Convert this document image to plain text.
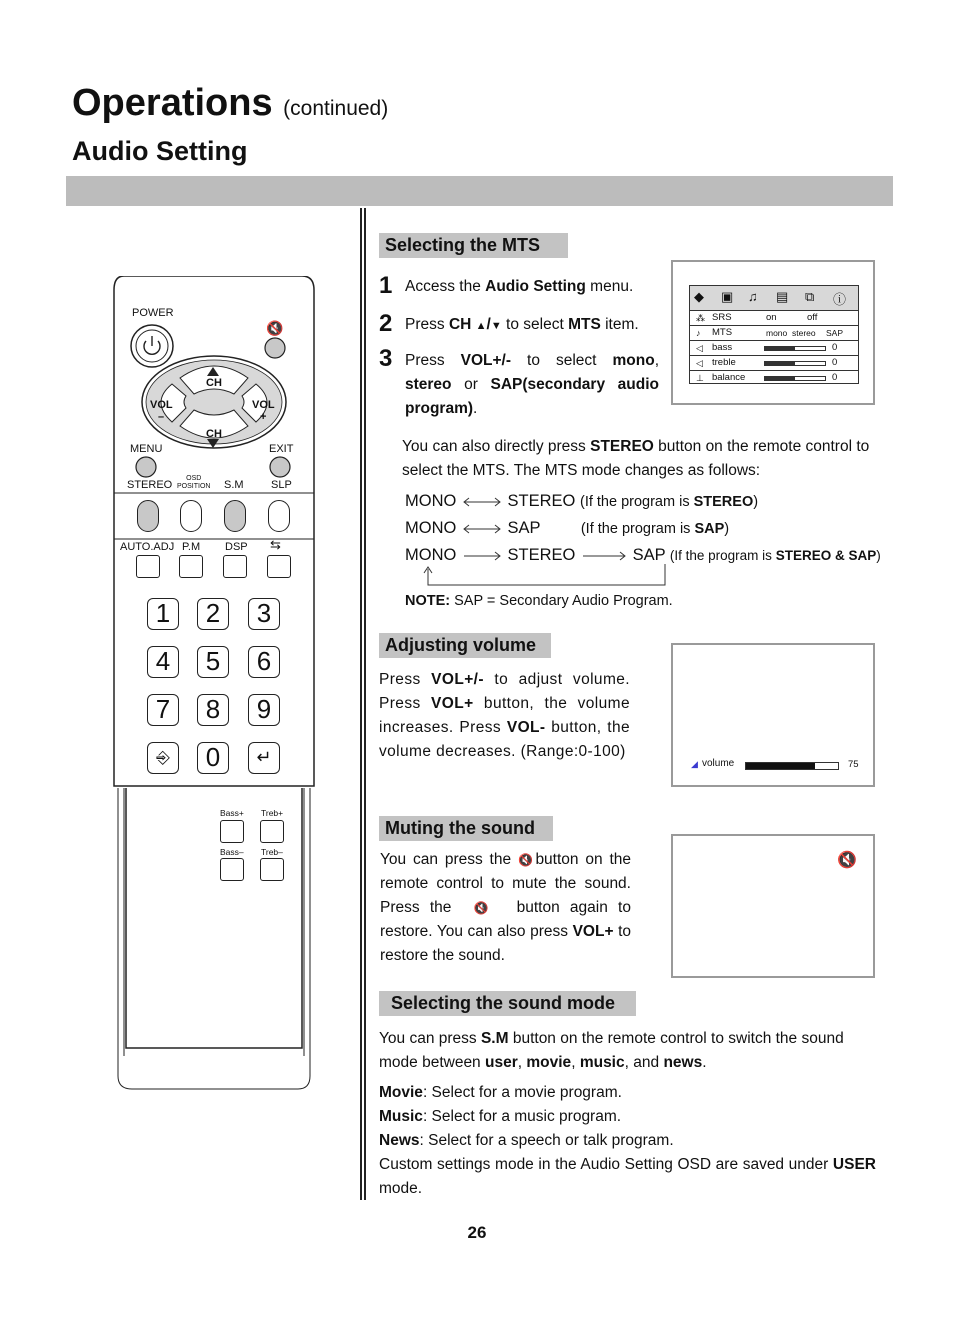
Operations (continued)
Audio Setting
POWER
🔇
CH
CH
VOL
–
VOL
+
MENU	EXIT
STEREO
OSD
POSITION S.M SLP
AUTO.ADJ P.M DSP ⇆
1	2	3
4	5	6
7	8	9
⎆	0	↵
Bass+ Treb+
Bass– Treb–
Selecting the MTS
1 Access the Audio Setting menu.
2 Press CH ▲/▼ to select MTS item.
3 Press VOL+/- to select mono, stereo or SAP(secondary audio program).
◆ ▣ ♫ ▤ ⧉ ⓘ
⁂ SRS	on	off
♪ MTS	mono stereo SAP
◁ bass	0
◁ treble	0
⊥ balance	0
You can also directly press STEREO button on the remote control to select the MTS. The MTS mode changes as follows:
MONO	STEREO (If the program is STEREO)
MONO	SAP	(If the program is SAP)
MONO	STEREO	SAP (If the program is STEREO & SAP)
NOTE: SAP = Secondary Audio Program.
Adjusting volume
Press VOL+/- to adjust volume. Press VOL+ button, the volume increases. Press VOL- button, the volume decreases. (Range:0-100)
◢ volume	75
Muting the sound
You can press the 🔇button on the remote control to mute the sound. Press the 🔇 button again to restore. You can also press VOL+ to restore the sound.
🔇
Selecting the sound mode
You can press S.M button on the remote control to switch the sound mode between user, movie, music, and news.
Movie: Select for a movie program.
Music: Select for a music program.
News: Select for a speech or talk program.
Custom settings mode in the Audio Setting OSD are saved under USER mode.
26
